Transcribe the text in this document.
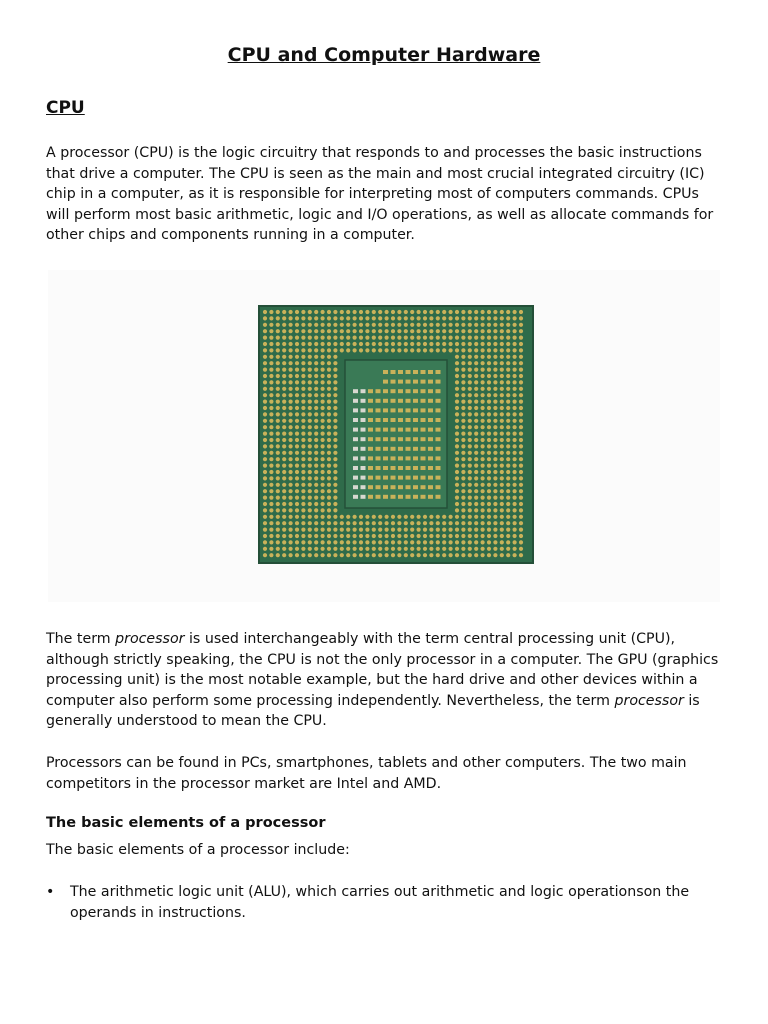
CPU and Computer Hardware
CPU

A processor (CPU) is the logic circuitry that responds to and processes the basic instructions that drive a computer. The CPU is seen as the main and most crucial integrated circuitry (IC) chip in a computer, as it is responsible for interpreting most of computers commands. CPUs will perform most basic arithmetic, logic and I/O operations, as well as allocate commands for other chips and components running in a computer.

The term processor is used interchangeably with the term central processing unit (CPU), although strictly speaking, the CPU is not the only processor in a computer. The GPU (graphics processing unit) is the most notable example, but the hard drive and other devices within a computer also perform some processing independently. Nevertheless, the term processor is generally understood to mean the CPU.

Processors can be found in PCs, smartphones, tablets and other computers. The two main competitors in the processor market are Intel and AMD.

The basic elements of a processor

The basic elements of a processor include:

• The arithmetic logic unit (ALU), which carries out arithmetic and logic operationson the operands in instructions.
